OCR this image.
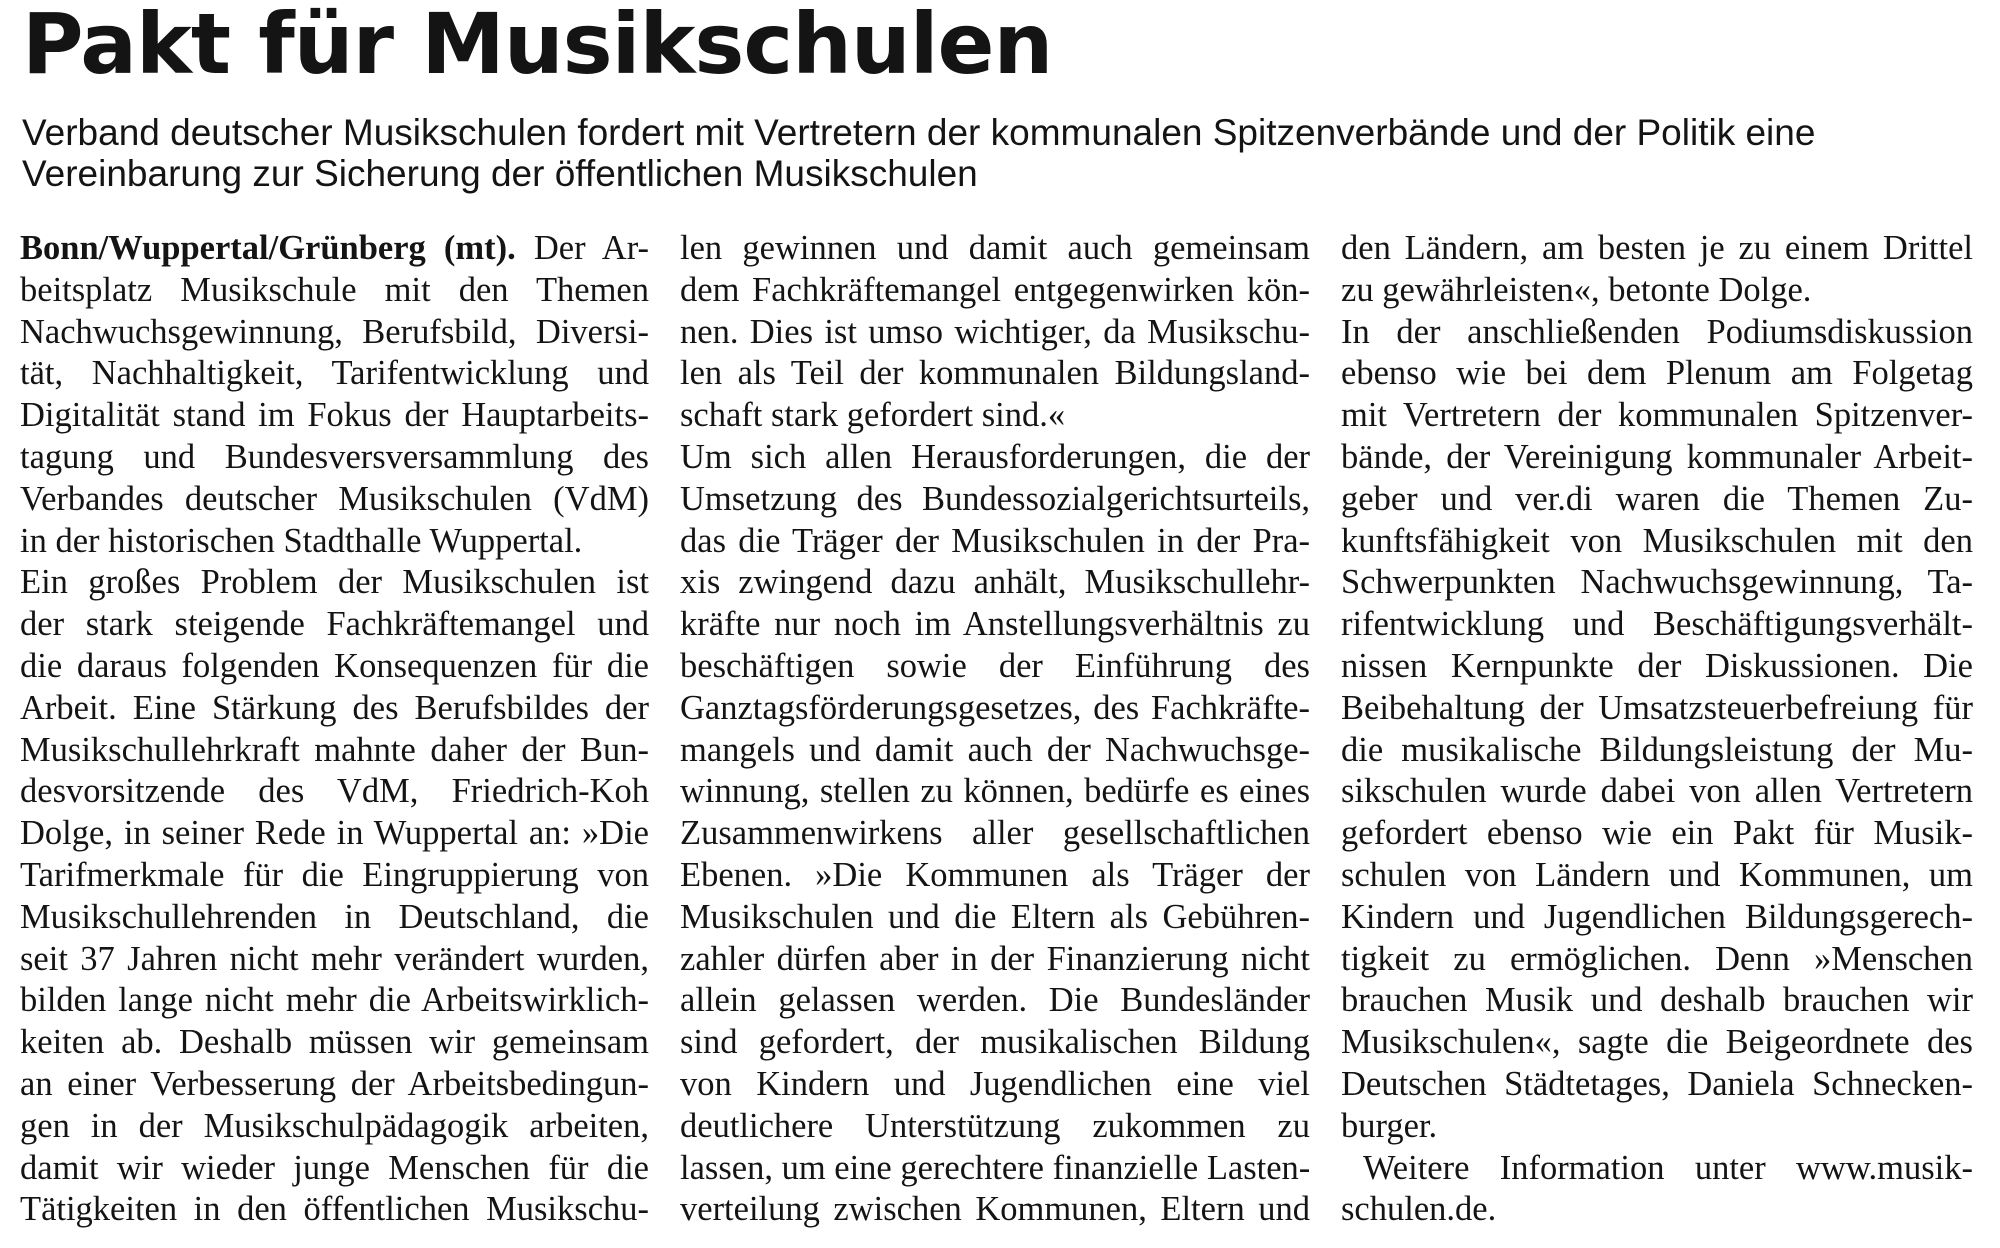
Pakt für Musikschulen

Verband deutscher Musikschulen fordert mit Vertretern der kommunalen Spitzenverbände und der Politik eine
Vereinbarung zur Sicherung der öffentlichen Musikschulen

Bonn/Wuppertal/Grünberg (mt). Der Ar-
beitsplatz Musikschule mit den Themen
Nachwuchsgewinnung, Berufsbild, Diversi-
tät, Nachhaltigkeit, Tarifentwicklung und
Digitalität stand im Fokus der Hauptarbeits-
tagung und Bundesversversammlung des
Verbandes deutscher Musikschulen (VdM)
in der historischen Stadthalle Wuppertal.
Ein großes Problem der Musikschulen ist
der stark steigende Fachkräftemangel und
die daraus folgenden Konsequenzen für die
Arbeit. Eine Stärkung des Berufsbildes der
Musikschullehrkraft mahnte daher der Bun-
desvorsitzende des VdM, Friedrich-Koh
Dolge, in seiner Rede in Wuppertal an: »Die
Tarifmerkmale für die Eingruppierung von
Musikschullehrenden in Deutschland, die
seit 37 Jahren nicht mehr verändert wurden,
bilden lange nicht mehr die Arbeitswirklich-
keiten ab. Deshalb müssen wir gemeinsam
an einer Verbesserung der Arbeitsbedingun-
gen in der Musikschulpädagogik arbeiten,
damit wir wieder junge Menschen für die
Tätigkeiten in den öffentlichen Musikschu-
len gewinnen und damit auch gemeinsam
dem Fachkräftemangel entgegenwirken kön-
nen. Dies ist umso wichtiger, da Musikschu-
len als Teil der kommunalen Bildungsland-
schaft stark gefordert sind.«
Um sich allen Herausforderungen, die der
Umsetzung des Bundessozialgerichtsurteils,
das die Träger der Musikschulen in der Pra-
xis zwingend dazu anhält, Musikschullehr-
kräfte nur noch im Anstellungsverhältnis zu
beschäftigen sowie der Einführung des
Ganztagsförderungsgesetzes, des Fachkräfte-
mangels und damit auch der Nachwuchsge-
winnung, stellen zu können, bedürfe es eines
Zusammenwirkens aller gesellschaftlichen
Ebenen. »Die Kommunen als Träger der
Musikschulen und die Eltern als Gebühren-
zahler dürfen aber in der Finanzierung nicht
allein gelassen werden. Die Bundesländer
sind gefordert, der musikalischen Bildung
von Kindern und Jugendlichen eine viel
deutlichere Unterstützung zukommen zu
lassen, um eine gerechtere finanzielle Lasten-
verteilung zwischen Kommunen, Eltern und
den Ländern, am besten je zu einem Drittel
zu gewährleisten«, betonte Dolge.
In der anschließenden Podiumsdiskussion
ebenso wie bei dem Plenum am Folgetag
mit Vertretern der kommunalen Spitzenver-
bände, der Vereinigung kommunaler Arbeit-
geber und ver.di waren die Themen Zu-
kunftsfähigkeit von Musikschulen mit den
Schwerpunkten Nachwuchsgewinnung, Ta-
rifentwicklung und Beschäftigungsverhält-
nissen Kernpunkte der Diskussionen. Die
Beibehaltung der Umsatzsteuerbefreiung für
die musikalische Bildungsleistung der Mu-
sikschulen wurde dabei von allen Vertretern
gefordert ebenso wie ein Pakt für Musik-
schulen von Ländern und Kommunen, um
Kindern und Jugendlichen Bildungsgerech-
tigkeit zu ermöglichen. Denn »Menschen
brauchen Musik und deshalb brauchen wir
Musikschulen«, sagte die Beigeordnete des
Deutschen Städtetages, Daniela Schnecken-
burger.
Weitere Information unter www.musik-
schulen.de.
